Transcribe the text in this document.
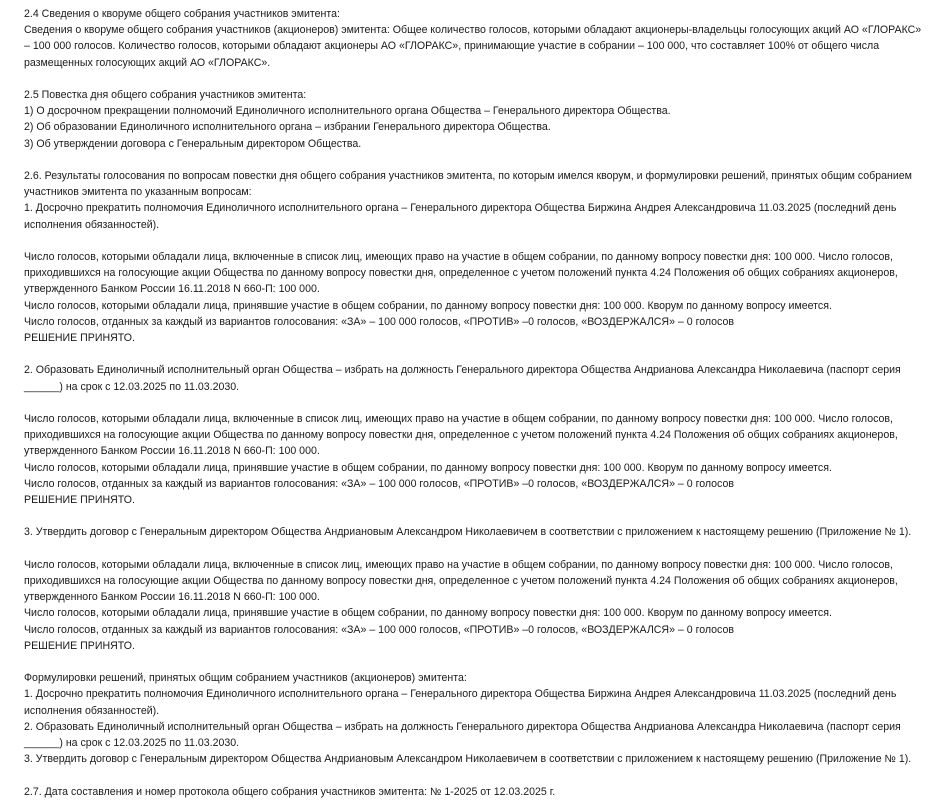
2.4 Сведения о кворуме общего собрания участников эмитента:
Сведения о кворуме общего собрания участников (акционеров) эмитента: Общее количество голосов, которыми обладают акционеры-владельцы голосующих акций АО «ГЛОРАКС»
– 100 000 голосов. Количество голосов, которыми обладают акционеры АО «ГЛОРАКС», принимающие участие в собрании – 100 000, что составляет 100% от общего числа
размещенных голосующих акций АО «ГЛОРАКС».
2.5 Повестка дня общего собрания участников эмитента:
1) О досрочном прекращении полномочий Единоличного исполнительного органа Общества – Генерального директора Общества.
2) Об образовании Единоличного исполнительного органа – избрании Генерального директора Общества.
3) Об утверждении договора с Генеральным директором Общества.
2.6. Результаты голосования по вопросам повестки дня общего собрания участников эмитента, по которым имелся кворум, и формулировки решений, принятых общим собранием
участников эмитента по указанным вопросам:
1. Досрочно прекратить полномочия Единоличного исполнительного органа – Генерального директора Общества Биржина Андрея Александровича 11.03.2025 (последний день
исполнения обязанностей).
Число голосов, которыми обладали лица, включенные в список лиц, имеющих право на участие в общем собрании, по данному вопросу повестки дня: 100 000. Число голосов,
приходившихся на голосующие акции Общества по данному вопросу повестки дня, определенное с учетом положений пункта 4.24 Положения об общих собраниях акционеров,
утвержденного Банком России 16.11.2018 N 660-П: 100 000.
Число голосов, которыми обладали лица, принявшие участие в общем собрании, по данному вопросу повестки дня: 100 000. Кворум по данному вопросу имеется.
Число голосов, отданных за каждый из вариантов голосования: «ЗА» – 100 000 голосов, «ПРОТИВ» –0 голосов, «ВОЗДЕРЖАЛСЯ» – 0 голосов
РЕШЕНИЕ ПРИНЯТО.
2. Образовать Единоличный исполнительный орган Общества – избрать на должность Генерального директора Общества Андрианова Александра Николаевича (паспорт серия
______) на срок с 12.03.2025 по 11.03.2030.
Число голосов, которыми обладали лица, включенные в список лиц, имеющих право на участие в общем собрании, по данному вопросу повестки дня: 100 000. Число голосов,
приходившихся на голосующие акции Общества по данному вопросу повестки дня, определенное с учетом положений пункта 4.24 Положения об общих собраниях акционеров,
утвержденного Банком России 16.11.2018 N 660-П: 100 000.
Число голосов, которыми обладали лица, принявшие участие в общем собрании, по данному вопросу повестки дня: 100 000. Кворум по данному вопросу имеется.
Число голосов, отданных за каждый из вариантов голосования: «ЗА» – 100 000 голосов, «ПРОТИВ» –0 голосов, «ВОЗДЕРЖАЛСЯ» – 0 голосов
РЕШЕНИЕ ПРИНЯТО.
3. Утвердить договор с Генеральным директором Общества Андриановым Александром Николаевичем в соответствии с приложением к настоящему решению (Приложение № 1).
Число голосов, которыми обладали лица, включенные в список лиц, имеющих право на участие в общем собрании, по данному вопросу повестки дня: 100 000. Число голосов,
приходившихся на голосующие акции Общества по данному вопросу повестки дня, определенное с учетом положений пункта 4.24 Положения об общих собраниях акционеров,
утвержденного Банком России 16.11.2018 N 660-П: 100 000.
Число голосов, которыми обладали лица, принявшие участие в общем собрании, по данному вопросу повестки дня: 100 000. Кворум по данному вопросу имеется.
Число голосов, отданных за каждый из вариантов голосования: «ЗА» – 100 000 голосов, «ПРОТИВ» –0 голосов, «ВОЗДЕРЖАЛСЯ» – 0 голосов
РЕШЕНИЕ ПРИНЯТО.
Формулировки решений, принятых общим собранием участников (акционеров) эмитента:
1. Досрочно прекратить полномочия Единоличного исполнительного органа – Генерального директора Общества Биржина Андрея Александровича 11.03.2025 (последний день
исполнения обязанностей).
2. Образовать Единоличный исполнительный орган Общества – избрать на должность Генерального директора Общества Андрианова Александра Николаевича (паспорт серия
______) на срок с 12.03.2025 по 11.03.2030.
3. Утвердить договор с Генеральным директором Общества Андриановым Александром Николаевичем в соответствии с приложением к настоящему решению (Приложение № 1).
2.7. Дата составления и номер протокола общего собрания участников эмитента: № 1-2025 от 12.03.2025 г.
